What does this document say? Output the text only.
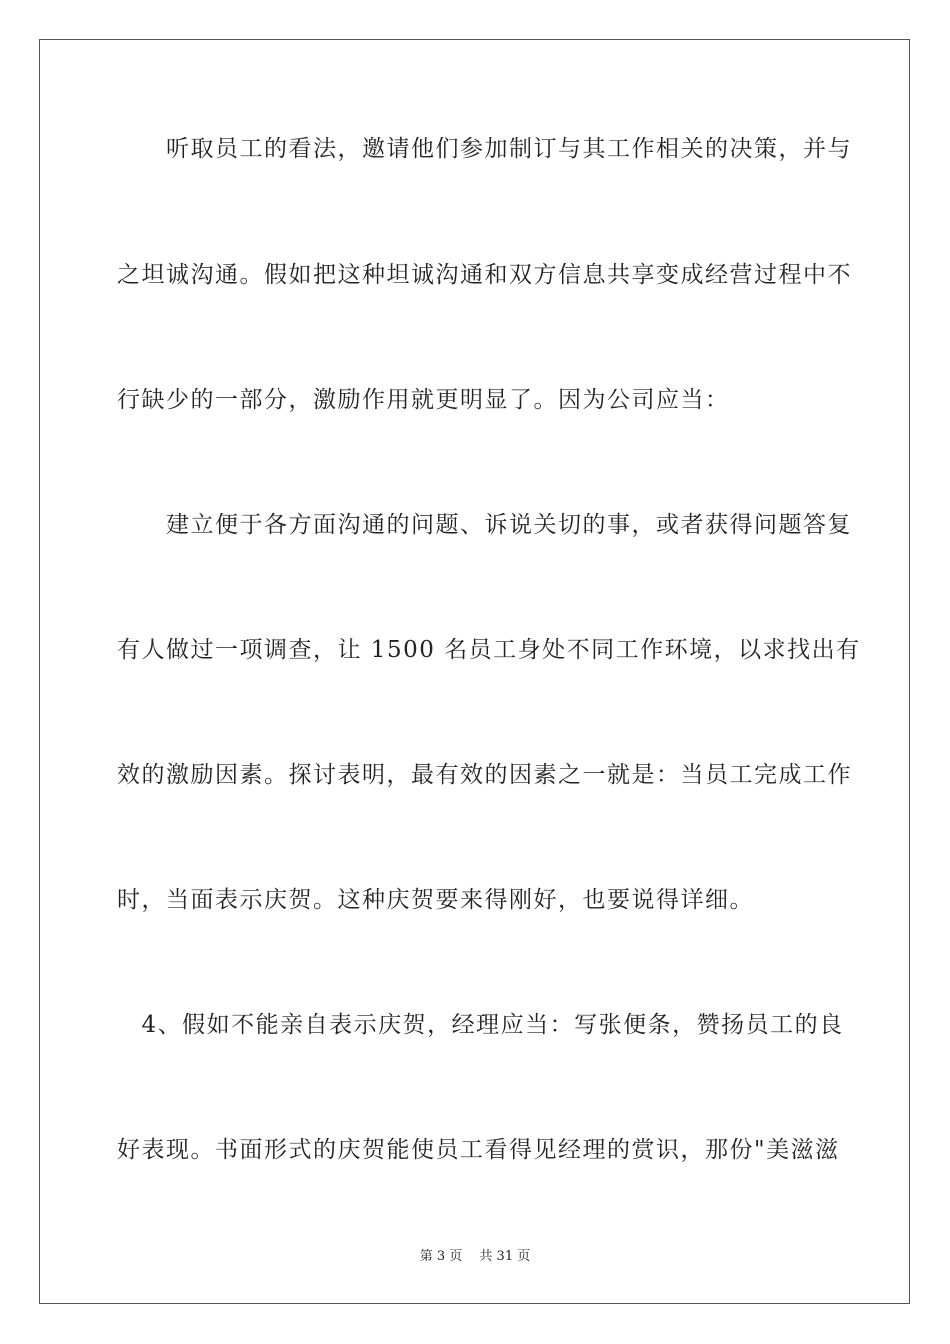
　　听取员工的看法，邀请他们参加制订与其工作相关的决策，并与
之坦诚沟通。假如把这种坦诚沟通和双方信息共享变成经营过程中不
行缺少的一部分，激励作用就更明显了。因为公司应当：
　　建立便于各方面沟通的问题、诉说关切的事，或者获得问题答复
有人做过一项调查，让 1500 名员工身处不同工作环境，以求找出有
效的激励因素。探讨表明，最有效的因素之一就是：当员工完成工作
时，当面表示庆贺。这种庆贺要来得刚好，也要说得详细。
　4、假如不能亲自表示庆贺，经理应当：写张便条，赞扬员工的良
好表现。书面形式的庆贺能使员工看得见经理的赏识，那份"美滋滋
第 3 页　 共 31 页
